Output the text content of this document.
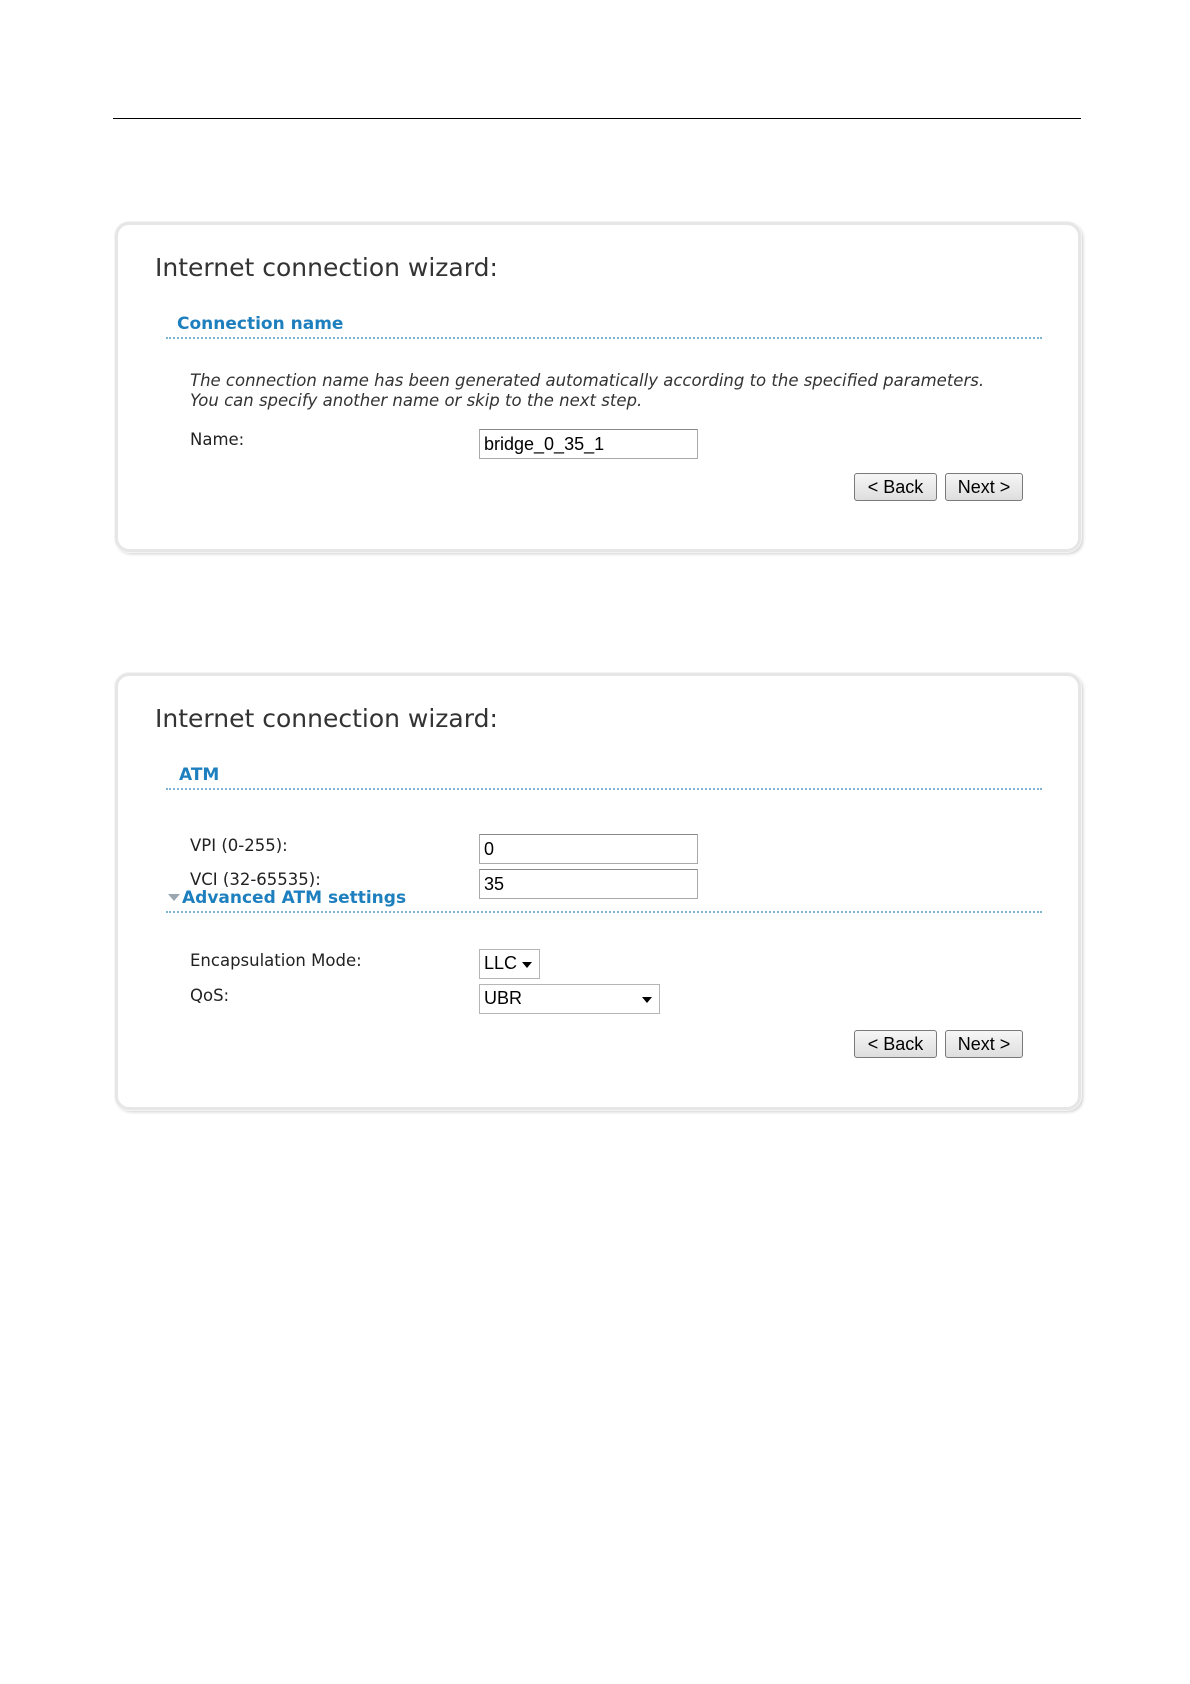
Internet connection wizard:
Connection name
The connection name has been generated automatically according to the specified parameters. You can specify another name or skip to the next step.
Name:
bridge_0_35_1
< Back	Next >
Internet connection wizard:
ATM
VPI (0-255):
0
VCI (32-65535):
35
Advanced ATM settings
Encapsulation Mode:	LLC
QoS:	UBR
< Back	Next >
